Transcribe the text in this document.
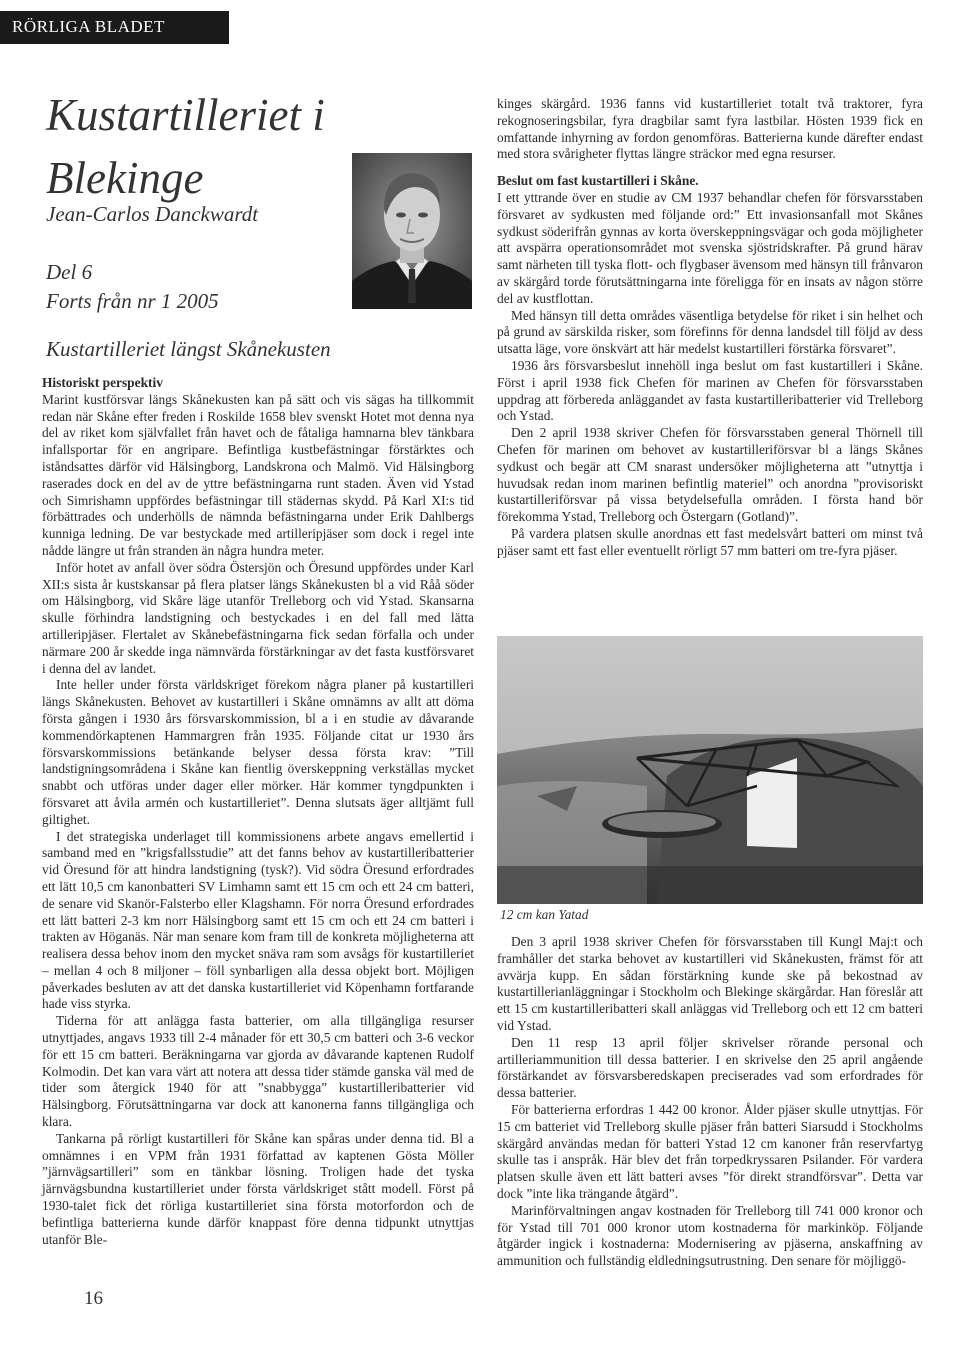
RÖRLIGA BLADET
Kustartilleriet i Blekinge
Jean-Carlos Danckwardt
Del 6
Forts från nr 1 2005
Kustartilleriet längst Skånekusten
Historiskt perspektiv

Marint kustförsvar längs Skånekusten kan på sätt och vis sägas ha tillkommit redan när Skåne efter freden i Roskilde 1658 blev svenskt Hotet mot denna nya del av riket kom självfallet från havet och de fåtaliga hamnarna blev tänkbara infallsportar för en angripare. Befintliga kustbefästningar förstärktes och iståndsattes därför vid Hälsingborg, Landskrona och Malmö. Vid Hälsingborg raserades dock en del av de yttre befästningarna runt staden. Även vid Ystad och Simrishamn uppfördes befästningar till städernas skydd. På Karl XI:s tid förbättrades och underhölls de nämnda befästningarna under Erik Dahlbergs kunniga ledning. De var bestyckade med artilleripjäser som dock i regel inte nådde längre ut från stranden än några hundra meter.

Inför hotet av anfall över södra Östersjön och Öresund uppfördes under Karl XII:s sista år kustskansar på flera platser längs Skånekusten bl a vid Råå söder om Hälsingborg, vid Skåre läge utanför Trelleborg och vid Ystad. Skansarna skulle förhindra landstigning och bestyckades i en del fall med lätta artilleripjäser. Flertalet av Skånebefästningarna fick sedan förfalla och under närmare 200 år skedde inga nämnvärda förstärkningar av det fasta kustförsvaret i denna del av landet.

Inte heller under första världskriget förekom några planer på kustartilleri längs Skånekusten. Behovet av kustartilleri i Skåne omnämns av allt att döma första gången i 1930 års försvarskommission, bl a i en studie av dåvarande kommendörkaptenen Hammargren från 1935. Följande citat ur 1930 års försvarskommissions betänkande belyser dessa första krav: ”Till landstigningsområdena i Skåne kan fientlig överskeppning verkställas mycket snabbt och utföras under dager eller mörker. Här kommer tyngdpunkten i försvaret att åvila armén och kustartilleriet”. Denna slutsats äger alltjämt full giltighet.

I det strategiska underlaget till kommissionens arbete angavs emellertid i samband med en ”krigsfallsstudie” att det fanns behov av kustartilleribatterier vid Öresund för att hindra landstigning (tysk?). Vid södra Öresund erfordrades ett lätt 10,5 cm kanonbatteri SV Limhamn samt ett 15 cm och ett 24 cm batteri, de senare vid Skanör-Falsterbo eller Klagshamn. För norra Öresund erfordrades ett lätt batteri 2-3 km norr Hälsingborg samt ett 15 cm och ett 24 cm batteri i trakten av Höganäs. När man senare kom fram till de konkreta möjligheterna att realisera dessa behov inom den mycket snäva ram som avsågs för kustartilleriet – mellan 4 och 8 miljoner – föll synbarligen alla dessa objekt bort. Möjligen påverkades besluten av att det danska kustartilleriet vid Köpenhamn fortfarande hade viss styrka.

Tiderna för att anlägga fasta batterier, om alla tillgängliga resurser utnyttjades, angavs 1933 till 2-4 månader för ett 30,5 cm batteri och 3-6 veckor för ett 15 cm batteri. Beräkningarna var gjorda av dåvarande kaptenen Rudolf Kolmodin. Det kan vara värt att notera att dessa tider stämde ganska väl med de tider som återgick 1940 för att ”snabbygga” kustartilleribatterier vid Hälsingborg. Förutsättningarna var dock att kanonerna fanns tillgängliga och klara.

Tankarna på rörligt kustartilleri för Skåne kan spåras under denna tid. Bl a omnämnes i en VPM från 1931 författad av kaptenen Gösta Möller ”järnvägsartilleri” som en tänkbar lösning. Troligen hade det tyska järnvägsbundna kustartilleriet under första världskriget stått modell. Först på 1930-talet fick det rörliga kustartilleriet sina första motorfordon och de befintliga batterierna kunde därför knappast före denna tidpunkt utnyttjas utanför Ble-

kinges skärgård. 1936 fanns vid kustartilleriet totalt två traktorer, fyra rekognoseringsbilar, fyra dragbilar samt fyra lastbilar. Hösten 1939 fick en omfattande inhyrning av fordon genomföras. Batterierna kunde därefter endast med stora svårigheter flyttas längre sträckor med egna resurser.

Beslut om fast kustartilleri i Skåne.

I ett yttrande över en studie av CM 1937 behandlar chefen för försvarsstaben försvaret av sydkusten med följande ord:” Ett invasionsanfall mot Skånes sydkust söderifrån gynnas av korta överskeppningsvägar och goda möjligheter att avspärra operationsområdet mot svenska sjöstridskrafter. På grund härav samt närheten till tyska flott- och flygbaser ävensom med hänsyn till frånvaron av skärgård torde förutsättningarna inte föreligga för en insats av någon större del av kustflottan.

Med hänsyn till detta områdes väsentliga betydelse för riket i sin helhet och på grund av särskilda risker, som förefinns för denna landsdel till följd av dess utsatta läge, vore önskvärt att här medelst kustartilleri förstärka försvaret”.

1936 års försvarsbeslut innehöll inga beslut om fast kustartilleri i Skåne. Först i april 1938 fick Chefen för marinen av Chefen för försvarsstaben uppdrag att förbereda anläggandet av fasta kustartilleribatterier vid Trelleborg och Ystad.

Den 2 april 1938 skriver Chefen för försvarsstaben general Thörnell till Chefen för marinen om behovet av kustartilleriförsvar bl a längs Skånes sydkust och begär att CM snarast undersöker möjligheterna att ”utnyttja i huvudsak redan inom marinen befintlig materiel” och anordna ”provisoriskt kustartilleriförsvar på vissa betydelsefulla områden. I första hand bör förekomma Ystad, Trelleborg och Östergarn (Gotland)”.

På vardera platsen skulle anordnas ett fast medelsvårt batteri om minst två pjäser samt ett fast eller eventuellt rörligt 57 mm batteri om tre-fyra pjäser.

12 cm kan Yatad

Den 3 april 1938 skriver Chefen för försvarsstaben till Kungl Maj:t och framhåller det starka behovet av kustartilleri vid Skånekusten, främst för att avvärja kupp. En sådan förstärkning kunde ske på bekostnad av kustartillerianläggningar i Stockholm och Blekinge skärgårdar. Han föreslår att ett 15 cm kustartilleribatteri skall anläggas vid Trelleborg och ett 12 cm batteri vid Ystad.

Den 11 resp 13 april följer skrivelser rörande personal och artilleriammunition till dessa batterier. I en skrivelse den 25 april angående förstärkandet av försvarsberedskapen preciserades vad som erfordrades för dessa batterier.

För batterierna erfordras 1 442 00 kronor. Ålder pjäser skulle utnyttjas. För 15 cm batteriet vid Trelleborg skulle pjäser från batteri Siarsudd i Stockholms skärgård användas medan för batteri Ystad 12 cm kanoner från reservfartyg skulle tas i anspråk. Här blev det från torpedkryssaren Psilander. För vardera platsen skulle även ett lätt batteri avses ”för direkt strandförsvar”. Detta var dock ”inte lika trängande åtgärd”.

Marinförvaltningen angav kostnaden för Trelleborg till 741 000 kronor och för Ystad till 701 000 kronor utom kostnaderna för markinköp. Följande åtgärder ingick i kostnaderna: Modernisering av pjäserna, anskaffning av ammunition och fullständig eldledningsutrustning. Den senare för möjliggö-

16
